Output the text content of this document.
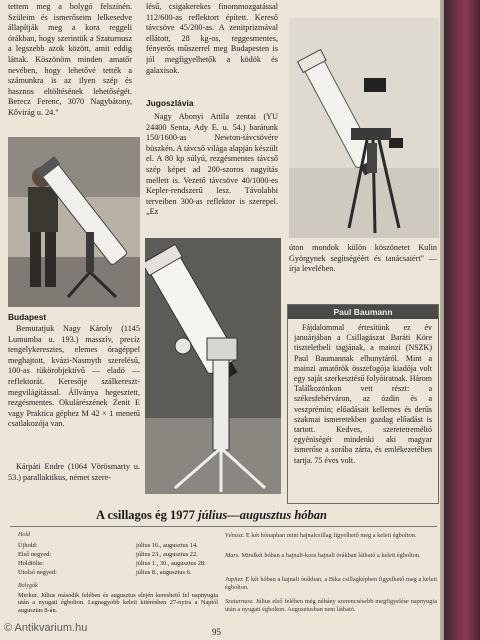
tettem meg a bolygó felszínén. Szüleim és ismerőseim lelkesedve állapítják meg a kora reggeli órákban, hogy szerintük a Szaturnusz a legszebb azok között, amit eddig láttak. Köszönöm minden amatőr nevében, hogy lehetővé tették a számunkra is az ilyen szép és hasznos eltöltésének lehetőségét. Berecz Ferenc, 3070 Nagybátony, Kővirág u. 24."

lésű, csigakerekes finommozgatással 112/600-as reflektort épített. Kereső távcsöve 45/200-as. A zenitprizmával ellátott, 28 kg-os, reggesmentes, fényerős műszerrel meg Budapesten is jól megfigyelhetők a ködök és galaxisok.

Jugoszlávia

Nagy Abonyi Attila zentai (YU 24400 Senta, Ady E. u. 54.) barátunk 150/1600-as Newton-távcsövére büszkén. A távcső világa alapján készült el. A 80 kp súlyú, rezgésmentes távcső szép képet ad 200-szoros nagyítás mellett is. Vezető távcsöve 40/1000-es Kepler-rendszerű lesz. Távolabbi terveiben 300-as reflektor is szerepel. „Ez

úton mondok külön köszönetet Kulin Györgynek segítségéért és tanácsaiért" — írja levelében.

Budapest

Bemutatjuk Nagy Károly (1145 Lumumba u. 193.) masszív, precíz tengelykeresztes, elemes óragéppel meghajtott, kvázi-Nasmyth szerelésű, 100-as tükörobjektívű — eladó — reflektorát. Keresője szálkereszt-megvilágítással. Állványa hegesztett, rezgésmentes. Okulárészének Zenit E vagy Praktica géphez M 42 × 1 menetű csatlakozója van.

Kárpáti Endre (1064 Vörösmarty u. 53.) parallaktikus, német szere-

Paul Baumann

Fájdalommal értesítünk ez év januárjában a Csillagászat Baráti Köre tiszteletbeli tagjának, a mainzi (NSZK) Paul Baumannak elhunytáról. Mint a mainzi amatőrök összefogója kiadója volt egy saját szerkesztésű folyóiratnak. Három Találkozónkon vett részt: a székesfehérváron, az ózdin és a veszprémin; előadásait kellemes és derűs szakmai ismeretekben gazdag előadást is tartott. Kedves, szeretetreméltó egyéniségét mindenki aki magyar ismerőse a sorába zárta, és emlékezetében tartja. 75 éves volt.

A csillagos ég 1977 július—augusztus hóban
Hold
Újhold:	július 16., augusztus 14.
Első negyed:	július 23., augusztus 22.
Holdtölte:	július 1., 30., augusztus 28.
Utolsó negyed:	július 8., augusztus 6.
Bolygók

Merkur. Július második felében és augusztus elején kereshető fel napnyugta után a nyugati égbolton. Legnagyobb keleti kitérésben 27-nyira a Naptól augusztus 8-án.

Vénusz. E két hónapban mint hajnalcsillag figyelhető meg a keleti égbolton.
Mars. Mindkét hóban a hajnali-kora hajnali órákban látható a keleti égbolton.
Jupiter. E két hóban a hajnali órákban, a Bika csillagképben figyelhető meg a keleti égbolton.
Szaturnusz. Július első felében még néhány szerencsésebb megfigyelése napnyugta után a nyugati égbolton. Augusztusban nem látható.
© Antikvarium.hu	95
